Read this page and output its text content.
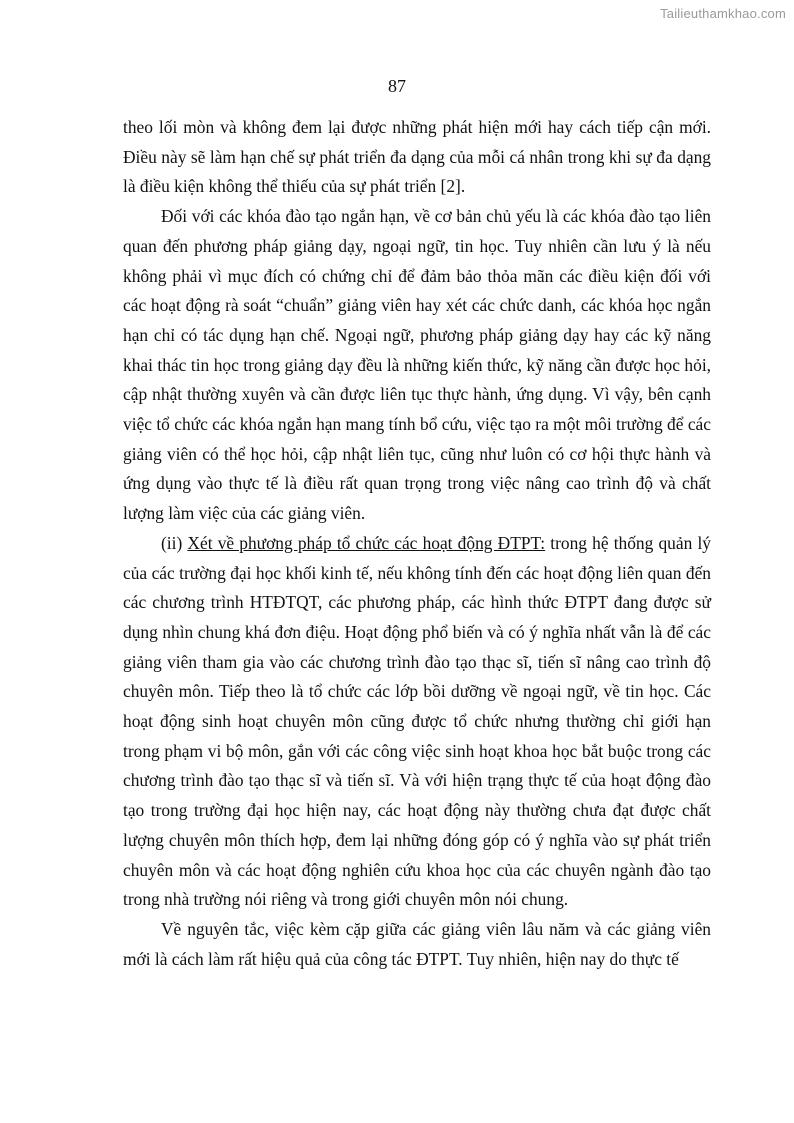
Tailieuthamkhao.com
87

theo lối mòn và không đem lại được những phát hiện mới hay cách tiếp cận mới. Điều này sẽ làm hạn chế sự phát triển đa dạng của mỗi cá nhân trong khi sự đa dạng là điều kiện không thể thiếu của sự phát triển [2].

Đối với các khóa đào tạo ngắn hạn, về cơ bản chủ yếu là các khóa đào tạo liên quan đến phương pháp giảng dạy, ngoại ngữ, tin học. Tuy nhiên cần lưu ý là nếu không phải vì mục đích có chứng chỉ để đảm bảo thỏa mãn các điều kiện đối với các hoạt động rà soát “chuẩn” giảng viên hay xét các chức danh, các khóa học ngắn hạn chỉ có tác dụng hạn chế. Ngoại ngữ, phương pháp giảng dạy hay các kỹ năng khai thác tin học trong giảng dạy đều là những kiến thức, kỹ năng cần được học hỏi, cập nhật thường xuyên và cần được liên tục thực hành, ứng dụng. Vì vậy, bên cạnh việc tổ chức các khóa ngắn hạn mang tính bổ cứu, việc tạo ra một môi trường để các giảng viên có thể học hỏi, cập nhật liên tục, cũng như luôn có cơ hội thực hành và ứng dụng vào thực tế là điều rất quan trọng trong việc nâng cao trình độ và chất lượng làm việc của các giảng viên.

(ii) Xét về phương pháp tổ chức các hoạt động ĐTPT: trong hệ thống quản lý của các trường đại học khối kinh tế, nếu không tính đến các hoạt động liên quan đến các chương trình HTĐTQT, các phương pháp, các hình thức ĐTPT đang được sử dụng nhìn chung khá đơn điệu. Hoạt động phổ biến và có ý nghĩa nhất vẫn là để các giảng viên tham gia vào các chương trình đào tạo thạc sĩ, tiến sĩ nâng cao trình độ chuyên môn. Tiếp theo là tổ chức các lớp bồi dưỡng về ngoại ngữ, về tin học. Các hoạt động sinh hoạt chuyên môn cũng được tổ chức nhưng thường chỉ giới hạn trong phạm vi bộ môn, gắn với các công việc sinh hoạt khoa học bắt buộc trong các chương trình đào tạo thạc sĩ và tiến sĩ. Và với hiện trạng thực tế của hoạt động đào tạo trong trường đại học hiện nay, các hoạt động này thường chưa đạt được chất lượng chuyên môn thích hợp, đem lại những đóng góp có ý nghĩa vào sự phát triển chuyên môn và các hoạt động nghiên cứu khoa học của các chuyên ngành đào tạo trong nhà trường nói riêng và trong giới chuyên môn nói chung.

Về nguyên tắc, việc kèm cặp giữa các giảng viên lâu năm và các giảng viên mới là cách làm rất hiệu quả của công tác ĐTPT. Tuy nhiên, hiện nay do thực tế
